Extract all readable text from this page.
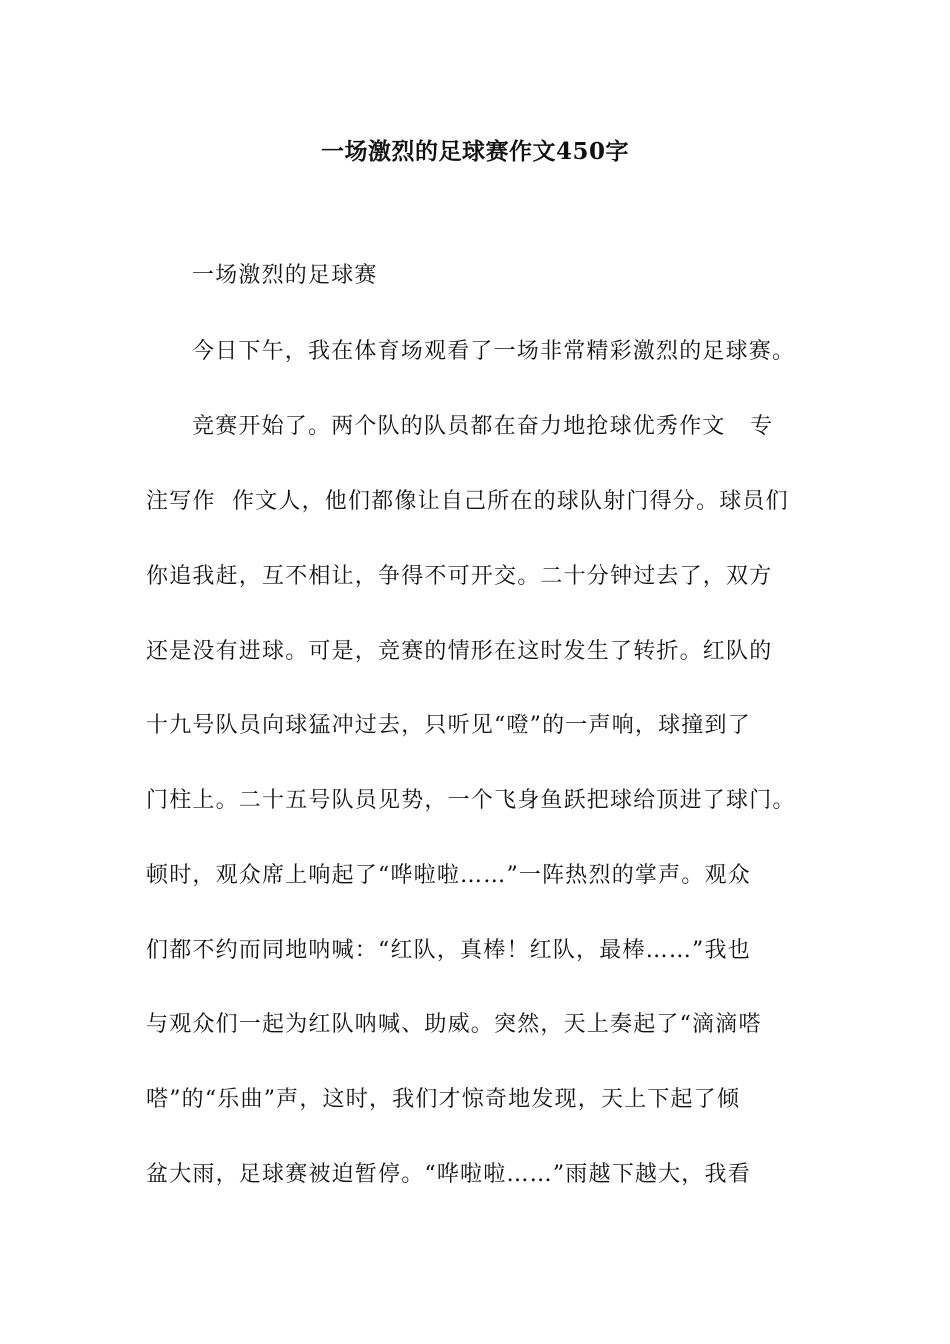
一场激烈的足球赛作文450字
一场激烈的足球赛
今日下午，我在体育场观看了一场非常精彩激烈的足球赛。
竞赛开始了。两个队的队员都在奋力地抢球优秀作文   专
注写作  作文人，他们都像让自己所在的球队射门得分。球员们
你追我赶，互不相让，争得不可开交。二十分钟过去了，双方
还是没有进球。可是，竞赛的情形在这时发生了转折。红队的
十九号队员向球猛冲过去，只听见“噔”的一声响，球撞到了
门柱上。二十五号队员见势，一个飞身鱼跃把球给顶进了球门。
顿时，观众席上响起了“哗啦啦……”一阵热烈的掌声。观众
们都不约而同地呐喊：“红队，真棒！红队，最棒……”我也
与观众们一起为红队呐喊、助威。突然，天上奏起了“滴滴嗒
嗒”的“乐曲”声，这时，我们才惊奇地发现，天上下起了倾
盆大雨，足球赛被迫暂停。“哗啦啦……”雨越下越大，我看
